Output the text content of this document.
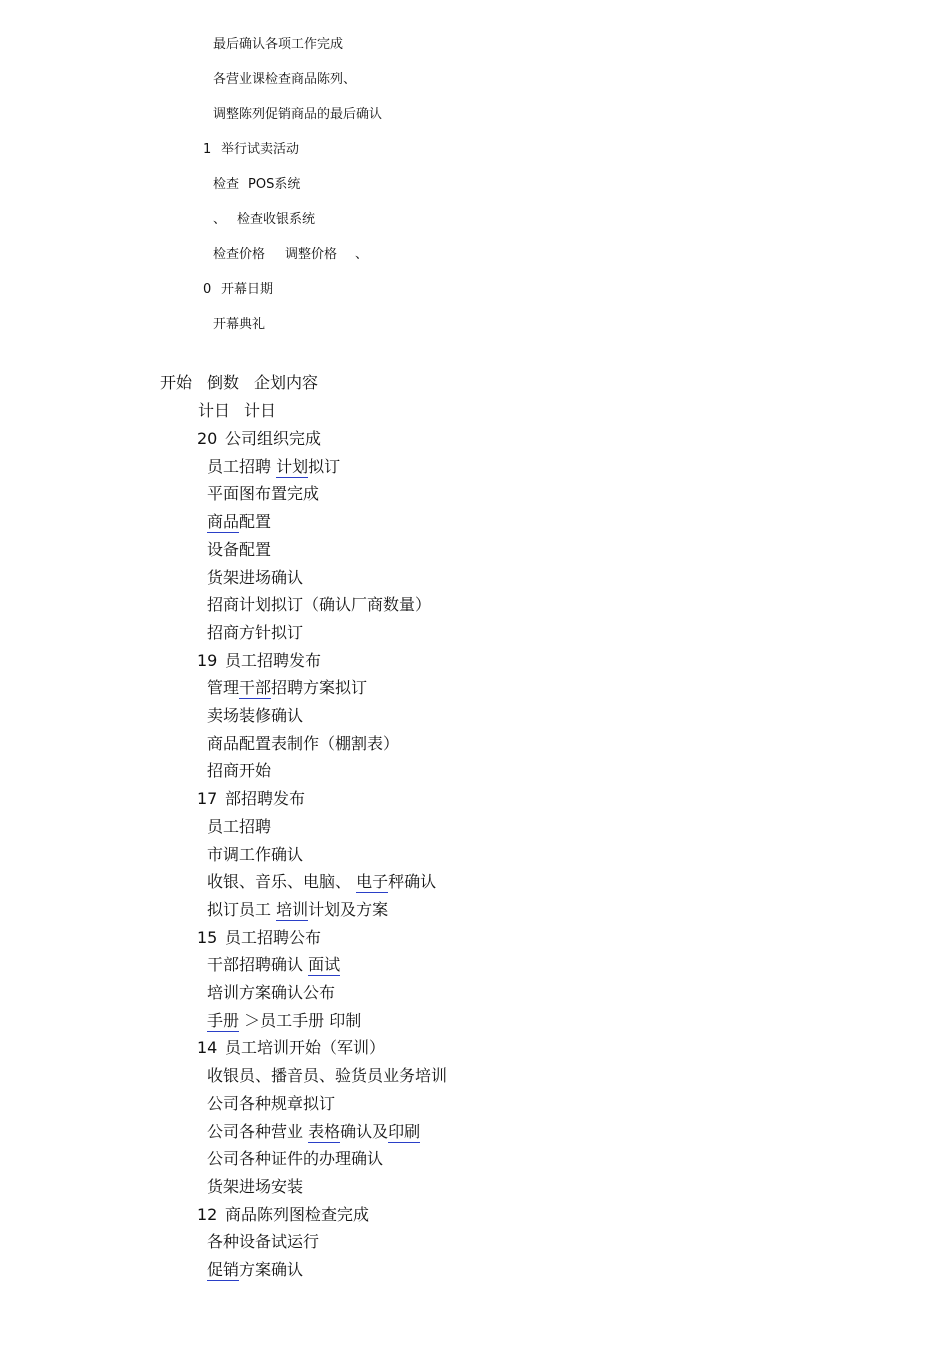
最后确认各项工作完成
各营业课检查商品陈列、
调整陈列促销商品的最后确认
1 举行试卖活动
检查 POS系统
、 检查收银系统
检查价格 调整价格 、
0 开幕日期
开幕典礼
开始 倒数 企划内容
计日 计日
20 公司组织完成
员工招聘 计划拟订
平面图布置完成
商品配置
设备配置
货架进场确认
招商计划拟订（确认厂商数量）
招商方针拟订
19 员工招聘发布
管理干部招聘方案拟订
卖场装修确认
商品配置表制作（棚割表）
招商开始
17 部招聘发布
员工招聘
市调工作确认
收银、音乐、电脑、 电子秤确认
拟订员工 培训计划及方案
15 员工招聘公布
干部招聘确认 面试
培训方案确认公布
手册 ＞员工手册 印制
14 员工培训开始（军训）
收银员、播音员、验货员业务培训
公司各种规章拟订
公司各种营业 表格确认及印刷
公司各种证件的办理确认
货架进场安装
12 商品陈列图检查完成
各种设备试运行
促销方案确认
